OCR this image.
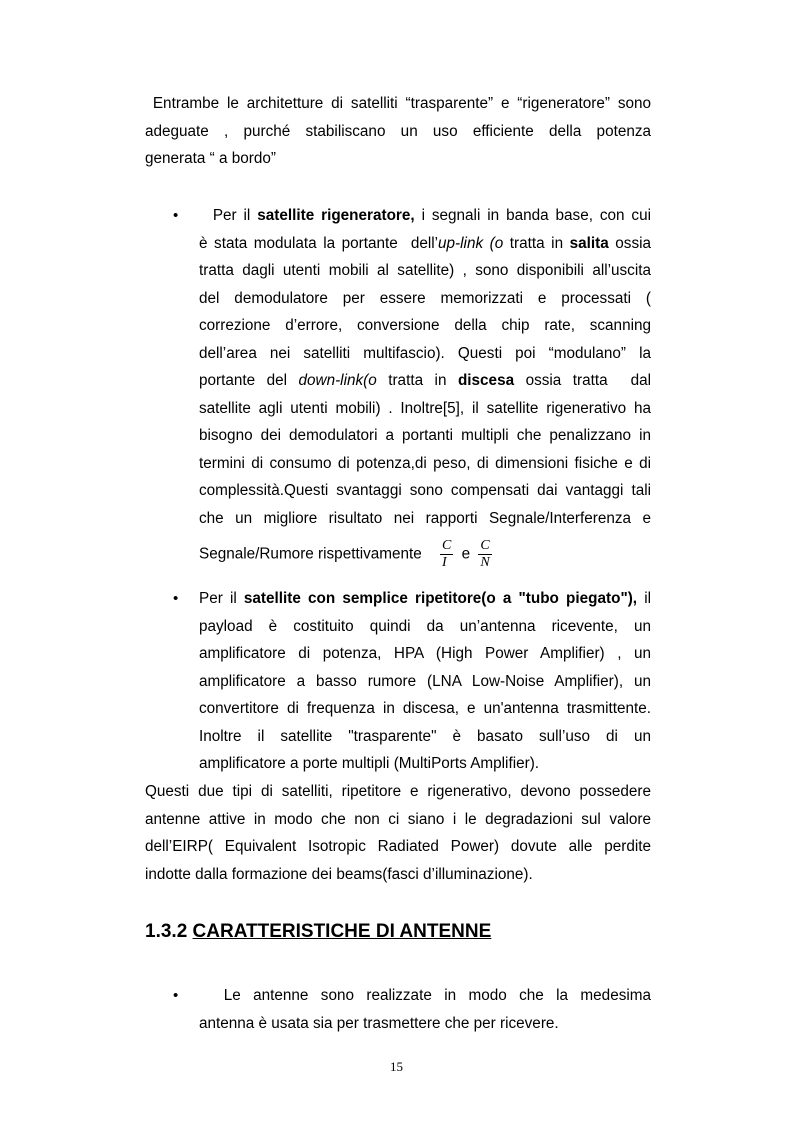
Entrambe le architetture di satelliti “trasparente” e “rigeneratore” sono
adeguate , purché stabiliscano un uso efficiente della potenza
generata “ a bordo”
• Per il satellite rigeneratore, i segnali in banda base, con cui
è stata modulata la portante  dell’up-link (o tratta in salita ossia
tratta dagli utenti mobili al satellite) , sono disponibili all’uscita
del demodulatore per essere memorizzati e processati (
correzione d’errore, conversione della chip rate, scanning
dell’area nei satelliti multifascio). Questi poi “modulano” la
portante del down-link(o tratta in discesa ossia tratta  dal
satellite agli utenti mobili) . Inoltre[5], il satellite rigenerativo ha
bisogno dei demodulatori a portanti multipli che penalizzano in
termini di consumo di potenza,di peso, di dimensioni fisiche e di
complessità.Questi svantaggi sono compensati dai vantaggi tali
che un migliore risultato nei rapporti Segnale/Interferenza e
Segnale/Rumore rispettivamente $\frac{C}{I}$ e $\frac{C}{N}$
• Per il satellite con semplice ripetitore(o a "tubo piegato"), il
payload è costituito quindi da un’antenna ricevente, un
amplificatore di potenza, HPA (High Power Amplifier) , un
amplificatore a basso rumore (LNA Low-Noise Amplifier), un
convertitore di frequenza in discesa, e un'antenna trasmittente.
Inoltre il satellite "trasparente" è basato sull’uso di un
amplificatore a porte multipli (MultiPorts Amplifier).
Questi due tipi di satelliti, ripetitore e rigenerativo, devono possedere
antenne attive in modo che non ci siano i le degradazioni sul valore
dell’EIRP( Equivalent Isotropic Radiated Power) dovute alle perdite
indotte dalla formazione dei beams(fasci d’illuminazione).
1.3.2 CARATTERISTICHE DI ANTENNE
• Le antenne sono realizzate in modo che la medesima
antenna è usata sia per trasmettere che per ricevere.
15
